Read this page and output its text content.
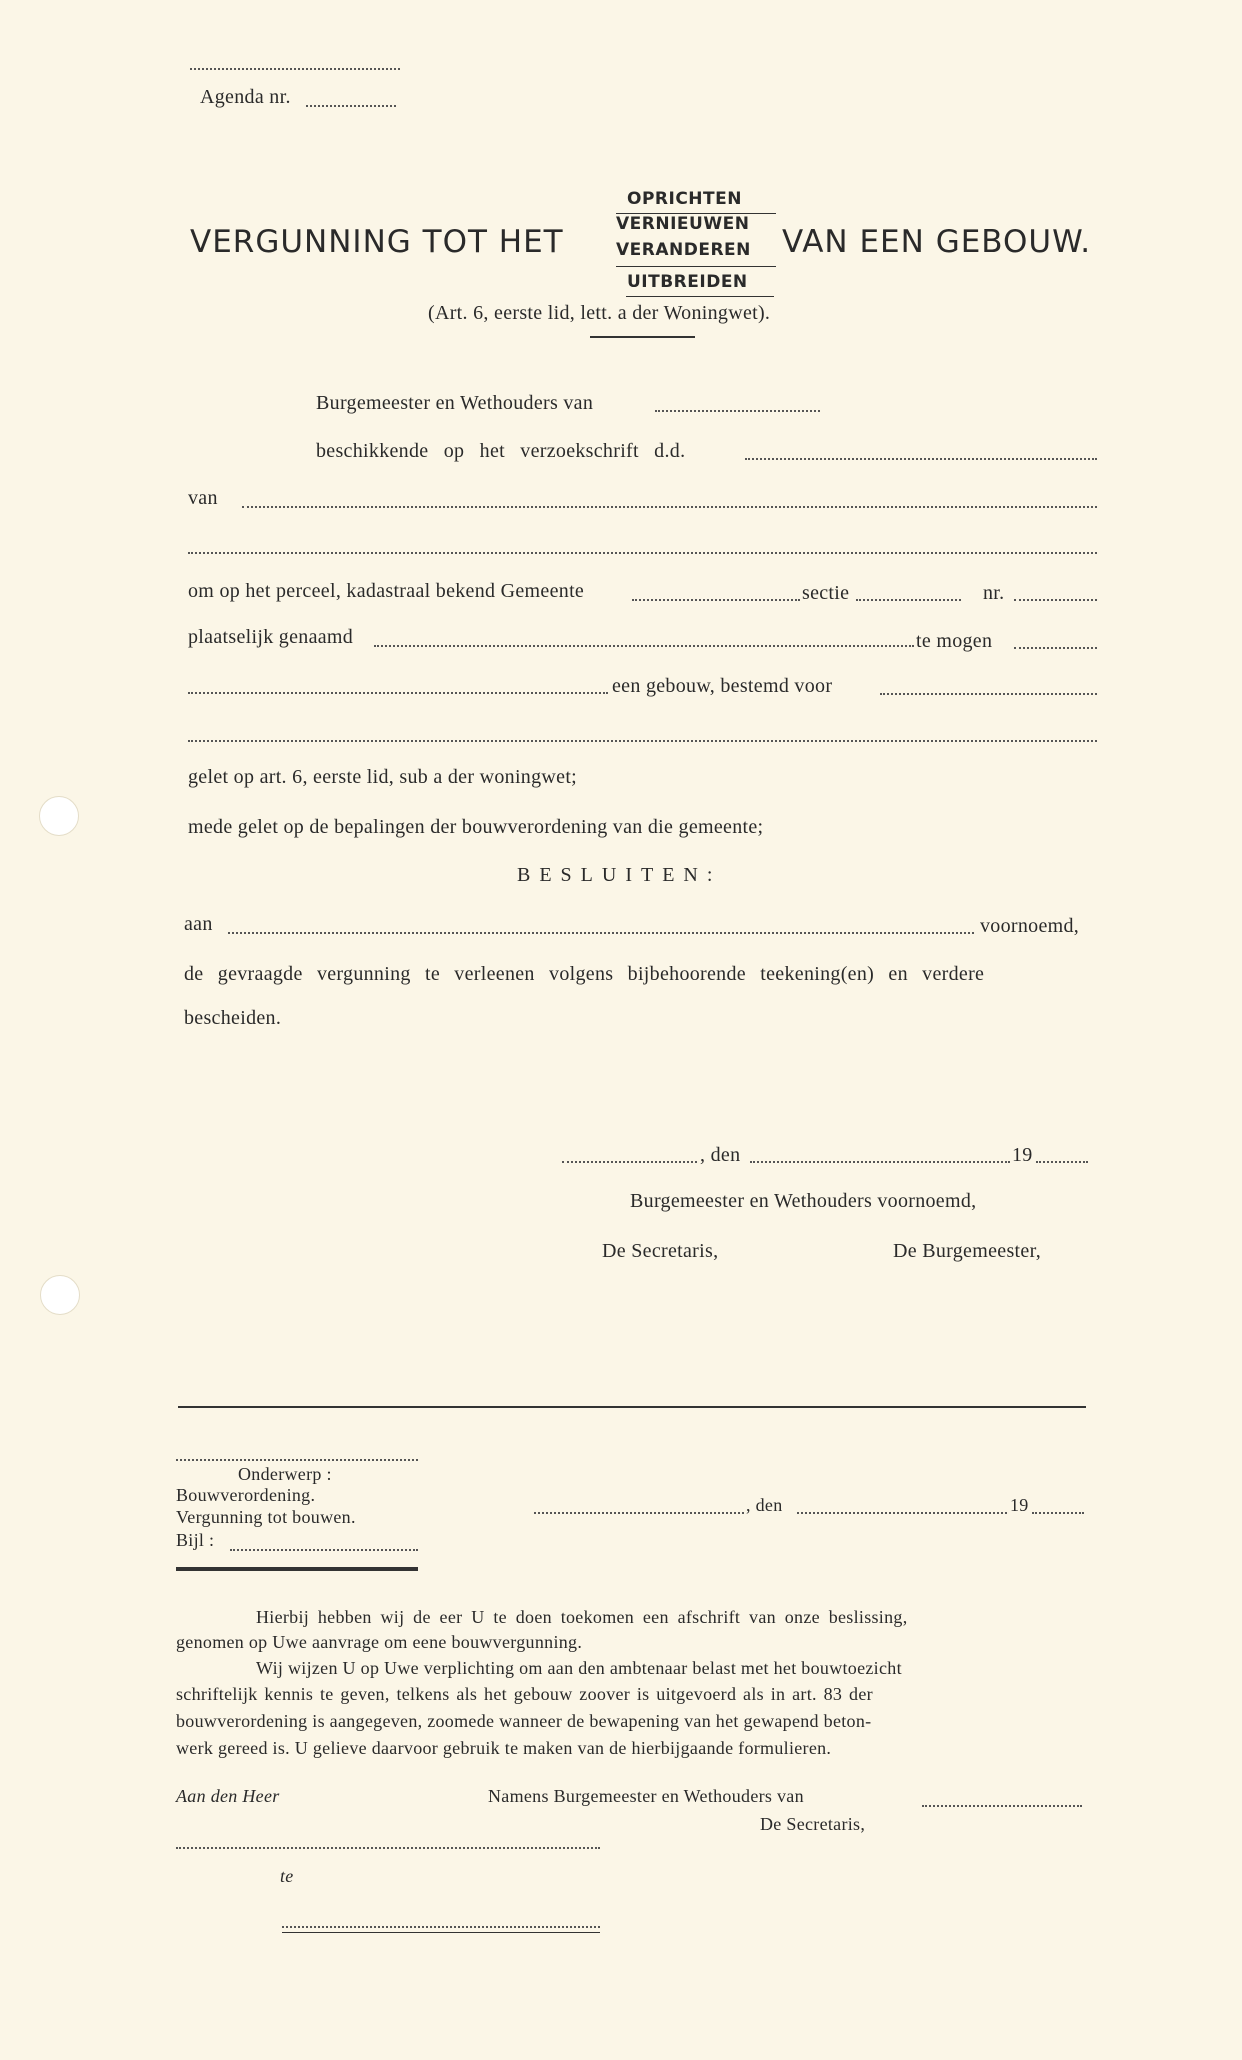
Agenda nr.
VERGUNNING TOT HET
OPRICHTEN
VERNIEUWEN
VERANDEREN
UITBREIDEN
VAN EEN GEBOUW.
(Art. 6, eerste lid, lett. a der Woningwet).
Burgemeester en Wethouders van
beschikkende op het verzoekschrift d.d.
van
om op het perceel, kadastraal bekend Gemeente	sectie	nr.
plaatselijk genaamd	te mogen
een gebouw, bestemd voor
gelet op art. 6, eerste lid, sub a der woningwet;
mede gelet op de bepalingen der bouwverordening van die gemeente;
BESLUITEN:
aan	voornoemd,
de gevraagde vergunning te verleenen volgens bijbehoorende teekening(en) en verdere
bescheiden.
, den	19
Burgemeester en Wethouders voornoemd,
De Secretaris,	De Burgemeester,
Onderwerp :
Bouwverordening.
Vergunning tot bouwen.
Bijl :
, den	19
Hierbij hebben wij de eer U te doen toekomen een afschrift van onze beslissing,
genomen op Uwe aanvrage om eene bouwvergunning.
Wij wijzen U op Uwe verplichting om aan den ambtenaar belast met het bouwtoezicht
schriftelijk kennis te geven, telkens als het gebouw zoover is uitgevoerd als in art. 83 der
bouwverordening is aangegeven, zoomede wanneer de bewapening van het gewapend beton-
werk gereed is. U gelieve daarvoor gebruik te maken van de hierbijgaande formulieren.
Aan den Heer	Namens Burgemeester en Wethouders van
De Secretaris,
te
